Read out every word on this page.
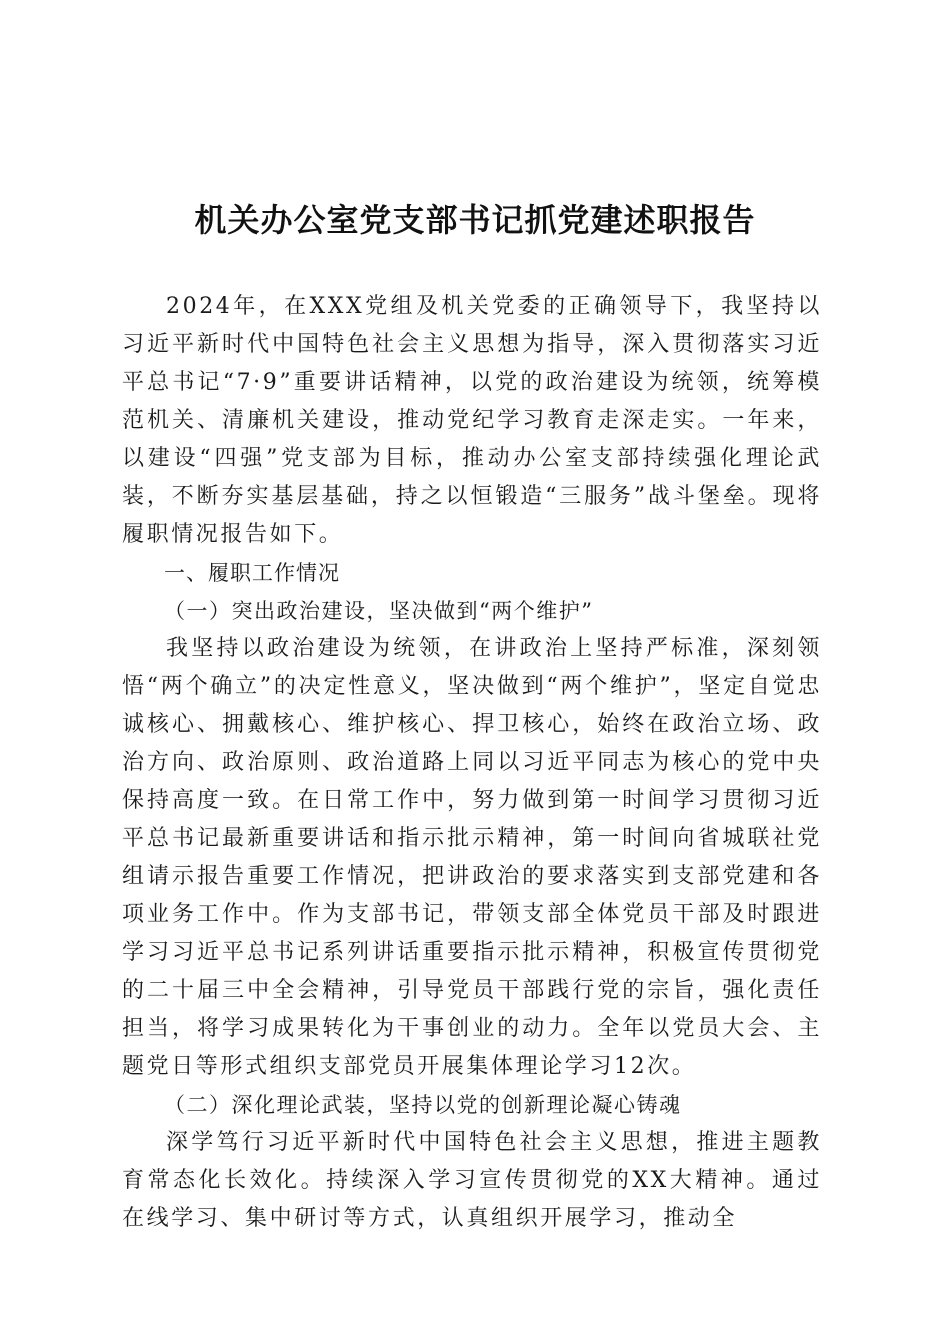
机关办公室党支部书记抓党建述职报告

2024年，在XXX党组及机关党委的正确领导下，我坚持以习近平新时代中国特色社会主义思想为指导，深入贯彻落实习近平总书记“7·9”重要讲话精神，以党的政治建设为统领，统筹模范机关、清廉机关建设，推动党纪学习教育走深走实。一年来，以建设“四强”党支部为目标，推动办公室支部持续强化理论武装，不断夯实基层基础，持之以恒锻造“三服务”战斗堡垒。现将履职情况报告如下。

一、履职工作情况

（一）突出政治建设，坚决做到“两个维护”

我坚持以政治建设为统领，在讲政治上坚持严标准，深刻领悟“两个确立”的决定性意义，坚决做到“两个维护”，坚定自觉忠诚核心、拥戴核心、维护核心、捍卫核心，始终在政治立场、政治方向、政治原则、政治道路上同以习近平同志为核心的党中央保持高度一致。在日常工作中，努力做到第一时间学习贯彻习近平总书记最新重要讲话和指示批示精神，第一时间向省城联社党组请示报告重要工作情况，把讲政治的要求落实到支部党建和各项业务工作中。作为支部书记，带领支部全体党员干部及时跟进学习习近平总书记系列讲话重要指示批示精神，积极宣传贯彻党的二十届三中全会精神，引导党员干部践行党的宗旨，强化责任担当，将学习成果转化为干事创业的动力。全年以党员大会、主题党日等形式组织支部党员开展集体理论学习12次。

（二）深化理论武装，坚持以党的创新理论凝心铸魂

深学笃行习近平新时代中国特色社会主义思想，推进主题教育常态化长效化。持续深入学习宣传贯彻党的XX大精神。通过在线学习、集中研讨等方式，认真组织开展学习，推动全
